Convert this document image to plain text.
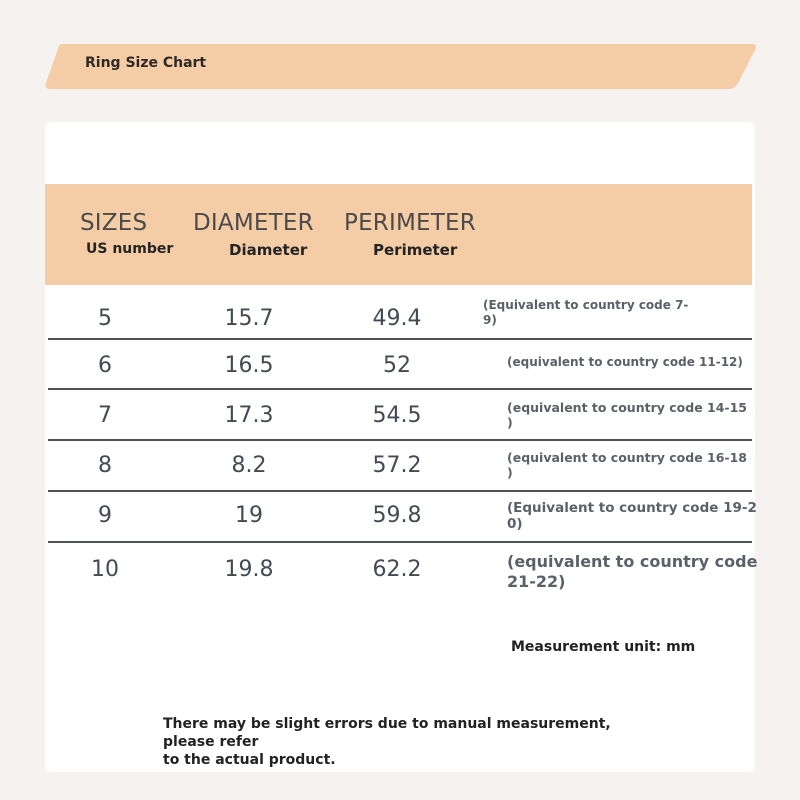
Ring Size Chart
SIZES
US number
DIAMETER
Diameter
PERIMETER
Perimeter
5	15.7	49.4
(Equivalent to country code 7-
9)
6	16.5	52	(equivalent to country code 11-12)
7	17.3	54.5	(equivalent to country code 14-15
)
8	8.2	57.2	(equivalent to country code 16-18
)
9	19	59.8	(Equivalent to country code 19-2
0)
10	19.8	62.2	(equivalent to country code
21-22)
Measurement unit: mm
There may be slight errors due to manual measurement, please refer
to the actual product.
